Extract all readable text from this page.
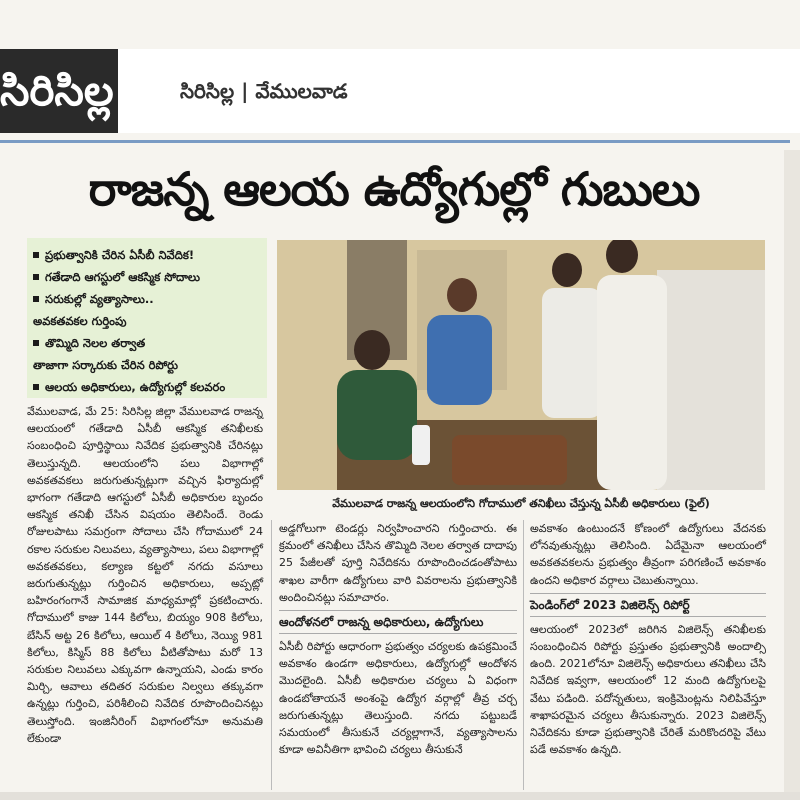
సిరిసిల్ల	సిరిసిల్ల | వేములవాడ
రాజన్న ఆలయ ఉద్యోగుల్లో గుబులు
ప్రభుత్వానికి చేరిన ఏసీబీ నివేదిక!
గతేడాది ఆగస్టులో ఆకస్మిక సోదాలు
సరుకుల్లో వ్యత్యాసాలు..
అవకతవకల గుర్తింపు
తొమ్మిది నెలల తర్వాత
తాజాగా సర్కారుకు చేరిన రిపోర్టు
ఆలయ అధికారులు, ఉద్యోగుల్లో కలవరం
వేములవాడ రాజన్న ఆలయంలోని గోదాములో తనిఖీలు చేస్తున్న ఏసీబీ అధికారులు (ఫైల్)

వేములవాడ, మే 25: సిరిసిల్ల జిల్లా వేములవాడ రాజన్న ఆలయంలో గతేడాది ఏసీబీ ఆకస్మిక తనిఖీలకు సంబంధించి పూర్తిస్థాయి నివేదిక ప్రభుత్వానికి చేరినట్లు తెలుస్తున్నది. ఆలయంలోని పలు విభాగాల్లో అవకతవకలు జరుగుతున్నట్లుగా వచ్చిన ఫిర్యాదుల్లో భాగంగా గతేడాది ఆగస్టులో ఏసీబీ అధికారుల బృందం ఆకస్మిక తనిఖీ చేసిన విషయం తెలిసిందే. రెండు రోజులపాటు సమగ్రంగా సోదాలు చేసి గోదాములో 24 రకాల సరుకుల నిలువలు, వ్యత్యాసాలు, పలు విభాగాల్లో అవకతవకలు, కల్యాణ కట్టలో నగదు వసూలు జరుగుతున్నట్లు గుర్తించిన అధికారులు, అప్పట్లో బహిరంగంగానే సామాజిక మాధ్యమాల్లో ప్రకటించారు. గోదాములో కాజు 144 కిలోలు, బియ్యం 908 కిలోలు, బేసిన్ అట్ట 26 కిలోలు, ఆయిల్ 4 కిలోలు, నెయ్యి 981 కిలోలు, కిస్మిస్ 88 కిలోలు వీటితోపాటు మరో 13 సరుకుల నిలువలు ఎక్కువగా ఉన్నాయని, ఎండు కారం మిర్చి, ఆవాలు తదితర సరుకుల నిల్వలు తక్కువగా ఉన్నట్లు గుర్తించి, పరిశీలించి నివేదిక రూపొందించినట్లు తెలుస్తోంది. ఇంజినీరింగ్ విభాగంలోనూ అనుమతి లేకుండా

అడ్డగోలుగా టెండర్లు నిర్వహించారని గుర్తించారు. ఈ క్రమంలో తనిఖీలు చేసిన తొమ్మిది నెలల తర్వాత దాదాపు 25 పేజీలతో పూర్తి నివేదికను రూపొందించడంతోపాటు శాఖల వారీగా ఉద్యోగులు వారి వివరాలను ప్రభుత్వానికి అందించినట్లు సమాచారం.

ఆందోళనలో రాజన్న అధికారులు, ఉద్యోగులు

ఏసీబీ రిపోర్టు ఆధారంగా ప్రభుత్వం చర్యలకు ఉపక్రమించే అవకాశం ఉండగా అధికారులు, ఉద్యోగుల్లో ఆందోళన మొదలైంది. ఏసీబీ అధికారుల చర్యలు ఏ విధంగా ఉండబోతాయనే అంశంపై ఉద్యోగ వర్గాల్లో తీవ్ర చర్చ జరుగుతున్నట్లు తెలుస్తుంది. నగదు పట్టుబడే సమయంలో తీసుకునే చర్యల్లాగానే, వ్యత్యాసాలను కూడా అవినీతిగా భావించి చర్యలు తీసుకునే

అవకాశం ఉంటుందనే కోణంలో ఉద్యోగులు వేదనకు లోనవుతున్నట్లు తెలిసింది. ఏదేమైనా ఆలయంలో అవకతవకలను ప్రభుత్వం తీవ్రంగా పరిగణించే అవకాశం ఉందని అధికార వర్గాలు చెబుతున్నాయి.

పెండింగ్‌లో 2023 విజిలెన్స్ రిపోర్ట్

ఆలయంలో 2023లో జరిగిన విజిలెన్స్ తనిఖీలకు సంబంధించిన రిపోర్టు ప్రస్తుతం ప్రభుత్వానికి అందాల్సి ఉంది. 2021లోనూ విజిలెన్స్ అధికారులు తనిఖీలు చేసి నివేదిక ఇవ్వగా, ఆలయంలో 12 మంది ఉద్యోగులపై వేటు పడింది. పదోన్నతులు, ఇంక్రిమెంట్లను నిలిపివేస్తూ శాఖాపరమైన చర్యలు తీసుకున్నారు. 2023 విజిలెన్స్ నివేదికను కూడా ప్రభుత్వానికి చేరితే మరికొందరిపై వేటు పడే అవకాశం ఉన్నది.
